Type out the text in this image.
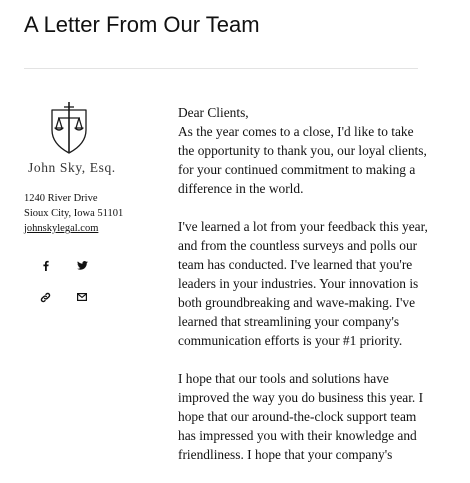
A Letter From Our Team
John Sky, Esq.
1240 River Drive
Sioux City, Iowa 51101
johnskylegal.com

Dear Clients,

As the year comes to a close, I'd like to take the opportunity to thank you, our loyal clients, for your continued commitment to making a difference in the world.

I've learned a lot from your feedback this year, and from the countless surveys and polls our team has conducted. I've learned that you're leaders in your industries. Your innovation is both groundbreaking and wave-making. I've learned that streamlining your company's communication efforts is your #1 priority.

I hope that our tools and solutions have improved the way you do business this year. I hope that our around-the-clock support team has impressed you with their knowledge and friendliness. I hope that your company's
